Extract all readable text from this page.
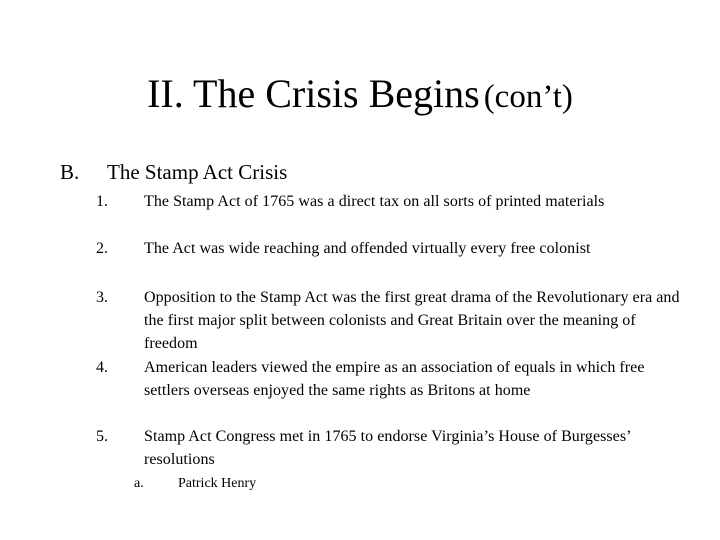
II. The Crisis Begins (con’t)
B. The Stamp Act Crisis
1. The Stamp Act of 1765 was a direct tax on all sorts of printed materials
2. The Act was wide reaching and offended virtually every free colonist
3. Opposition to the Stamp Act was the first great drama of the Revolutionary era and the first major split between colonists and Great Britain over the meaning of freedom
4. American leaders viewed the empire as an association of equals in which free settlers overseas enjoyed the same rights as Britons at home
5. Stamp Act Congress met in 1765 to endorse Virginia’s House of Burgesses’ resolutions
a. Patrick Henry
